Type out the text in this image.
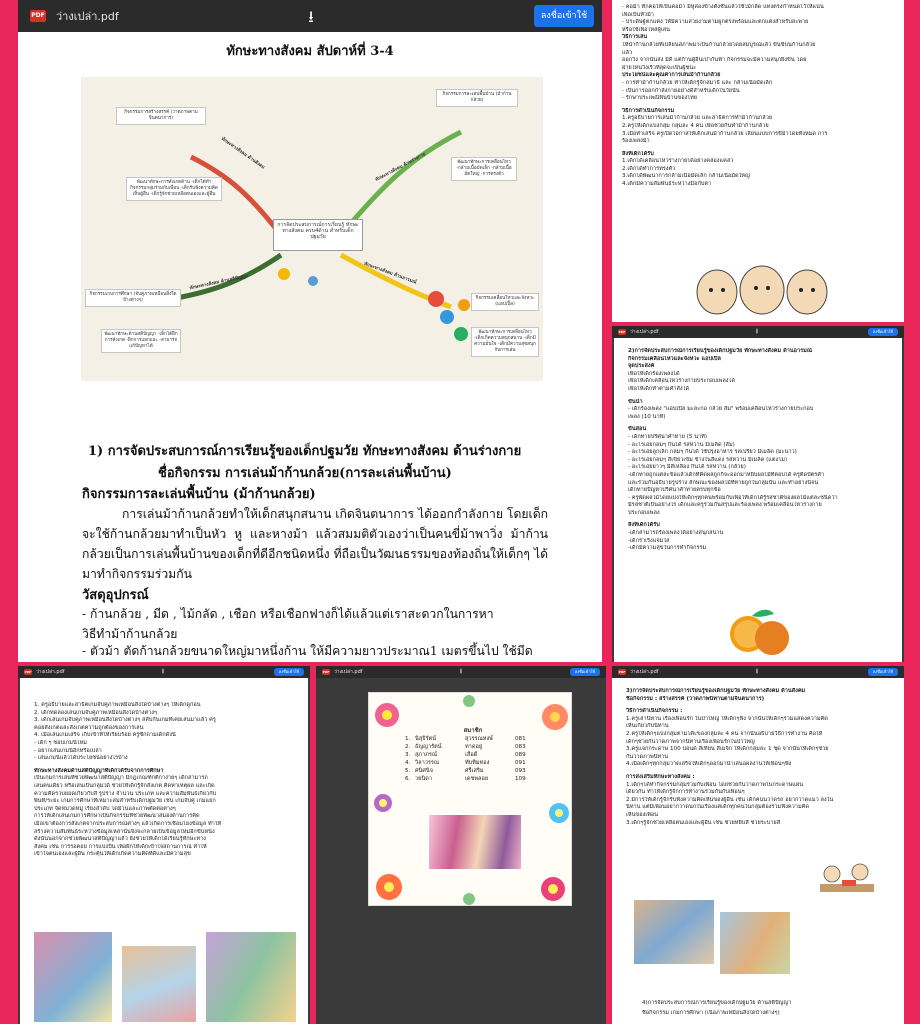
PDF ว่างเปล่า.pdf	⭳	ลงชื่อเข้าใช้
ทักษะทางสังคม สัปดาห์ที่ 3-4
การจัดประสบการณ์การเรียนรู้ ทักษะทางสังคม ครบ4ด้าน สำหรับเด็กปฐมวัย
ทักษะทางสังคม ด้านร่างกาย
ทักษะทางสังคม ด้านอารมณ์
ทักษะทางสังคม ด้านสติปัญญา
ทักษะทางสังคม ด้านสังคม
กิจกรรมการละเล่นพื้นบ้าน (ม้าก้านกล้วย)
พัฒนาทักษะการเคลื่อนไหว -กล้ามเนื้อมัดเล็ก -กล้ามเนื้อมัดใหญ่ -การทรงตัว
กิจกรรมการสร้างสรรค์ (วาดภาพตามจินตนาการ)
พัฒนาทักษะการสังเกตด้าน -เด็กได้ทำกิจกรรมกลุ่มร่วมกับเพื่อน -เด็กรับฟังความคิดเห็นผู้อื่น -เด็กรู้จักช่วยเหลือตนเองและผู้อื่น
กิจกรรมเกมการศึกษา (จับคู่ภาพเหมือนสิ่งใดบ้างต่างๆ)
พัฒนาทักษะด้านสติปัญญา -เด็กได้ฝึกการสังเกต -ฝึกการแยกแยะ -สามารถแก้ปัญหาได้
กิจกรรมเคลื่อนไหวและจังหวะ (แอปเปิ้ล)
พัฒนาทักษะการเคลื่อนไหว -เด็กเกิดความสนุกสนาน -เด็กมีความมั่นใจ -เด็กมีความสุขสนุกกับการเล่น
1) การจัดประสบการณ์การเรียนรู้ของเด็กปฐมวัย ทักษะทางสังคม ด้านร่างกาย
ชื่อกิจกรรม การเล่นม้าก้านกล้วย(การละเล่นพื้นบ้าน)
กิจกรรมการละเล่นพื้นบ้าน (ม้าก้านกล้วย)
การเล่นม้าก้านกล้วยทำให้เด็กสนุกสนาน เกิดจินตนาการ ได้ออกกำลังกาย โดยเด็กจะใช้ก้านกล้วยมาทำเป็นหัว หู และหางม้า แล้วสมมติตัวเองว่าเป็นคนขี่ม้าพาวิ่ง ม้าก้านกล้วยเป็นการเล่นพื้นบ้านของเด็กที่ดีอีกชนิดหนึ่ง ที่ถือเป็นวัฒนธรรมของท้องถิ่นให้เด็กๆ ได้มาทำกิจกรรมร่วมกัน
วัสดุอุปกรณ์
- ก้านกล้วย , มีด , ไม้กลัด , เชือก หรือเชือกฟางก็ได้แล้วแต่เราสะดวกในการหา
วิธีทำม้าก้านกล้วย
- ตัวม้า ตัดก้านกล้วยขนาดใหญ่มาหนึ่งก้าน ให้มีความยาวประมาณ1 เมตรขึ้นไป ใช้มีด

- คอม้า ทักคอให้เป็นคอม้า มีหูสองข้างตั้งชันแล้วใช้ไม้กลัด แทงตรงกำหนดไว้ให้แน่น

เพื่อเป็นหัวม้า

- ประดิษฐ์ตกแต่ง ให้มีความสวยงามตามผูกตรงพร้อมและตกแต่งสำหรับสะพาย

หรือใช้เพื่อไหล่ผู้เล่น

วิธีการเล่น

ให้นำก้านกล้วยที่เปลี่ยนสภาพมาเป็นก้านกล้วยโดยสมบูรณ์แล้ว ขึ้นขี่บนก้านกล้วย

แล้ว

ออกวิ่ง จากนั้นส่ง มีดี แต่ก้านผู้อื่นเป่ากั้นฟ้า กิจกรรมจะมีความสนุกยิ่งขึ้น โดย

ฝ่ายไหนวิ่งเร็วที่สุดจะเป็นผู้ชนะ

ประโยชน์และคุณค่าการเล่นม้าก้านกล้วย

- การทำม้าก้านกล้วย ทำให้เด็กรู้จักสมาธิ และ กล้ามเนื้อมัดเล็ก

- เป็นการออกกำลังกายอย่างดีสำหรับเด็กในวัยนั้น

- รักษาประเพณีพื้นบ้านของไทย

วิธีการดำเนินกิจกรรม

1.ครูอธิบายการเล่นม้าก้านกล้วย และสาธิตการทำม้าก้านกล้วย

2.ครูให้เด็กแบ่งกลุ่ม กลุ่มละ 4 คน เพื่อช่วยกันทำม้าก้านกล้วย

3.เมื่อทำเสร็จ ครูเปิดโอกาสให้เด็กเล่นม้าก้านกล้วย เลียนแบบการขี่ม้าโดยทั้งหมด การ

ร้องเพลงม้า

สิ่งที่เด็กได้รับ

1.เด็กได้เคลื่อนไหวร่างกายได้อย่างคล่องแคล่ว

2.เด็กได้ทำการทรงตัว

3.เด็กได้พัฒนาการกล้ามเนื้อมัดเล็ก กล้ามเนื้อมัดใหญ่

4.เด็กมีความสัมพันธ์ระหว่างมือกับตา

PDF ว่างเปล่า.pdf	⭳	ลงชื่อเข้าใช้

2)การจัดประสบการณ์การเรียนรู้ของเด็กปฐมวัย ทักษะทางสังคม ด้านอารมณ์

กิจกรรมเคลื่อนไหวและจังหวะ แอปเปิ้ล

จุดประสงค์

เพื่อให้เด็กร้องเพลงได้

เพื่อให้เด็กเคลื่อนไหวร่างกายประกอบเพลงได้

เพื่อให้เด็กทำตามคำสั่งได้

ขั้นนำ

- เด็กร้องเพลง "แอปเปิ้ล มะละกอ กล้วย ส้ม" พร้อมเคลื่อนไหวร่างกายประกอบ

เพลง (10 นาที)

ขั้นสอน

- เด็กทายปริศนาคำทาย (5 นาที)

- อะไรเอ่ยกลมๆ กินได้ รสหวาน มีเมล็ด (ส้ม)

- อะไรเอ่ยลูกเล็ก กลมๆ กินได้ ใช้ปรุงอาหาร รสเปรี้ยว มีเมล็ด (มะนาว)

- อะไรเอ่ยกลมๆ สีเขียวเข้ม ข้างในสีแดง รสหวาน มีเมล็ด (แตงโม)

- อะไรเอ่ยยาวๆ มีสีเหลือง กินได้ รสหวาน (กล้วย)

-เด็กทายถูกแต่ละข้อแล้วเด็กทีคิดผลถูกก็จะออกมาหยิบผลไม้ที่ตอบได้ ครูติดบัตรคำ

และร่วมกันอธิบายรูปร่าง ลักษณะของผลไม้ที่ทายถูกในกลุ่มนั้น และทำอย่างนี้จน

เด็กทายปัญหาปริศนาคำทายครบทุกข้อ

- ครูพัดผลไม้โดยแบ่งให้เด็กๆทุกคนพร้อมกับเพื่อให้เด็กได้รู้รสชาติของผลไม้แต่ละชนิดว่า

มีรสชาติเป็นอย่างไร เด็กและครูร่วมกันสรุปและร้องเพลง พร้อมเคลื่อนไหวร่างกาย

ประกอบเพลง

สิ่งที่เด็กได้รับ

-เด็กสามารถร้องเพลงได้อย่างสนุกสนาน

-เด็กร่าเริงแจ่มใส

-เด็กมีความสุขในการทำกิจกรรม

PDF ว่างเปล่า.pdf	⭳	ลงชื่อเข้าใช้

1. ครูอธิบายและสาธิตเกมจับคู่ภาพเหมือนสิ่งใดบ้างต่างๆ ให้เด็กดูก่อน

2. เด็กทดลองเล่นเกมจับคู่ภาพเหมือนสิ่งใดบ้างต่างๆ

3. เด็กเล่นเกมจับคู่ภาพเหมือนสิ่งใดบ้างต่างๆ สลับกันเกมที่เคยเล่นมาแล้ว ครู

คอยสังเกตและสังเกตความถูกต้องของการเล่น

4. เมื่อเล่นเกมเสร็จ เก็บเข้าที่ให้เรียบร้อย ครูซักถามเด็กดังนี้

- เด็ก ๆ ชอบเกมนี้ไหม

- อยากเล่นเกมนี้อีกหรือเปล่า

- เล่นเกมนี้แล้วได้ประโยชน์อย่างไรบ้าง

ทักษะทางสังคมด้านสติปัญญาที่เด็กได้รับจากการศึกษา

เป็นเกมการเล่นที่ช่วยพัฒนาสติปัญญา มีกฎเกณฑ์กติกาง่ายๆ เด็กสามารถ

เล่นคนเดียว หรือเล่นเป็นกลุ่มได้ ช่วยให้เด็กรู้จักสังเกต คิดหาเหตุผล และเกิด

ความคิดรวบยอดเกี่ยวกับสี รูปร่าง จำนวน ประเภท และความสัมพันธ์เกี่ยวกับ

พื้นที่/ระยะ เกมการศึกษาที่เหมาะสมสำหรับเด็กปฐมวัย เช่น เกมจับคู่ เกมแยก

ประเภท จัดหมวดหมู่ เรียงลำดับ โดมิโนและภาพตัดต่อต่างๆ

การให้เด็กเล่นเกมการศึกษาเป็นกิจกรรมที่ช่วยพัฒนาสมองด้านการคิด

เมื่อเขาต้องการสังเกตจากประสบการณ์ต่างๆ แล้วเกิดการเชื่อมโยงข้อมูล ทำให้

สร้างความสัมพันธ์ระหว่างข้อมูลเหล่านั้นจึงจะกลายเป็นข้อมูลใหม่อีกขั้นหนึ่ง

ดังนั้นนอกจากช่วยพัฒนาสติปัญญาแล้ว ยังช่วยให้เด็กได้เรียนรู้ทักษะทาง

สังคม เช่น การรอคอย การแบ่งปัน เพื่อฝึกให้เด็กเข้าใจสถานการณ์ ทำให้

เข้าใจตนเองและผู้อื่น กระตุ้นให้เด็กเกิดความคิดที่ดีและมีความสุข

PDF ว่างเปล่า.pdf	⭳	ลงชื่อเข้าใช้
สมาชิก
1. นิสุธิรัตน์	สุวรรณหงษ์	081
2. ธัญญารัตน์	ทาดอยู่	083
3. สุภาภรณ์	เสือดี	089
4. วิลาวรรณ	ทับทิมทอง	091
5. ศนิศนิจ	ศรีเสริม	093
6. วยนิดา	เดชพลอย	109
PDF ว่างเปล่า.pdf	⭳	ลงชื่อเข้าใช้

3)การจัดประสบการณ์การเรียนรู้ของเด็กปฐมวัย ทักษะทางสังคม ด้านสังคม

ชื่อกิจกรรม : สร้างสรรค์ (วาดภาพนิทานตามจินตนาการ)

วิธีการดำเนินกิจกรรม :

1.ครูเล่านิทาน เรื่องเพื่อนรัก ในป่าใหญ่ ให้เด็กๆฟัง จากนั้นให้เด็กๆร่วมแสดงความคิด

เห็นเกี่ยวกับนิทาน

2.ครูให้เด็กๆแบ่งกลุ่มตามโต๊ะของกลุ่มละ 4 คน จากนั้นอธิบายวิธีการทำงาน คือให้

เด็กๆช่วยกันวาดภาพจากนิทานเรื่องเพื่อนรักในป่าใหญ่

3.ครูแจกกระดาษ 100 ปอนด์ สีเทียน สีเมจิก ให้เด็กกลุ่มละ 1 ชุด จากนั้นให้เด็กๆช่วย

กันวาดภาพนิทาน

4.เมื่อเด็กๆทุกกลุ่มวาดเสร็จให้เด็กๆออกมานำเสนอผลงานให้เพื่อนๆฟัง

การส่งเสริมทักษะทางสังคม :

1.เด็กๆได้ทำกิจกรรมกลุ่มร่วมกับเพื่อน โดยช่วยกันวาดภาพในกระดาษแผ่น

เดียวกัน ทำให้เด็กรู้จักการทำงานร่วมกันกับเพื่อนๆ

2.มีการให้เด็กรู้จักรับฟังความคิดเห็นของผู้อื่น เช่น เด็กคนนวาดรถ อยากวาดแมว ลงใน

นิทาน แต่มีเพื่อนอยากวาดนกในเรื่องแต่เด็กทุกคนในกลุ่มต้องร่วมฟังความคิด

เห็นของเพื่อน

3.เด็กๆรู้จักช่วยเหลือตนเองและผู้อื่น เช่น ช่วยหยิบสี ช่วยระบายสี

4)การจัดประสบการณ์การเรียนรู้ของเด็กปฐมวัย ด้านสติปัญญา
ชื่อกิจกรรม เกมการศึกษา (เนื้อภาพเหมือนสิ่งใดบ้างต่างๆ)
